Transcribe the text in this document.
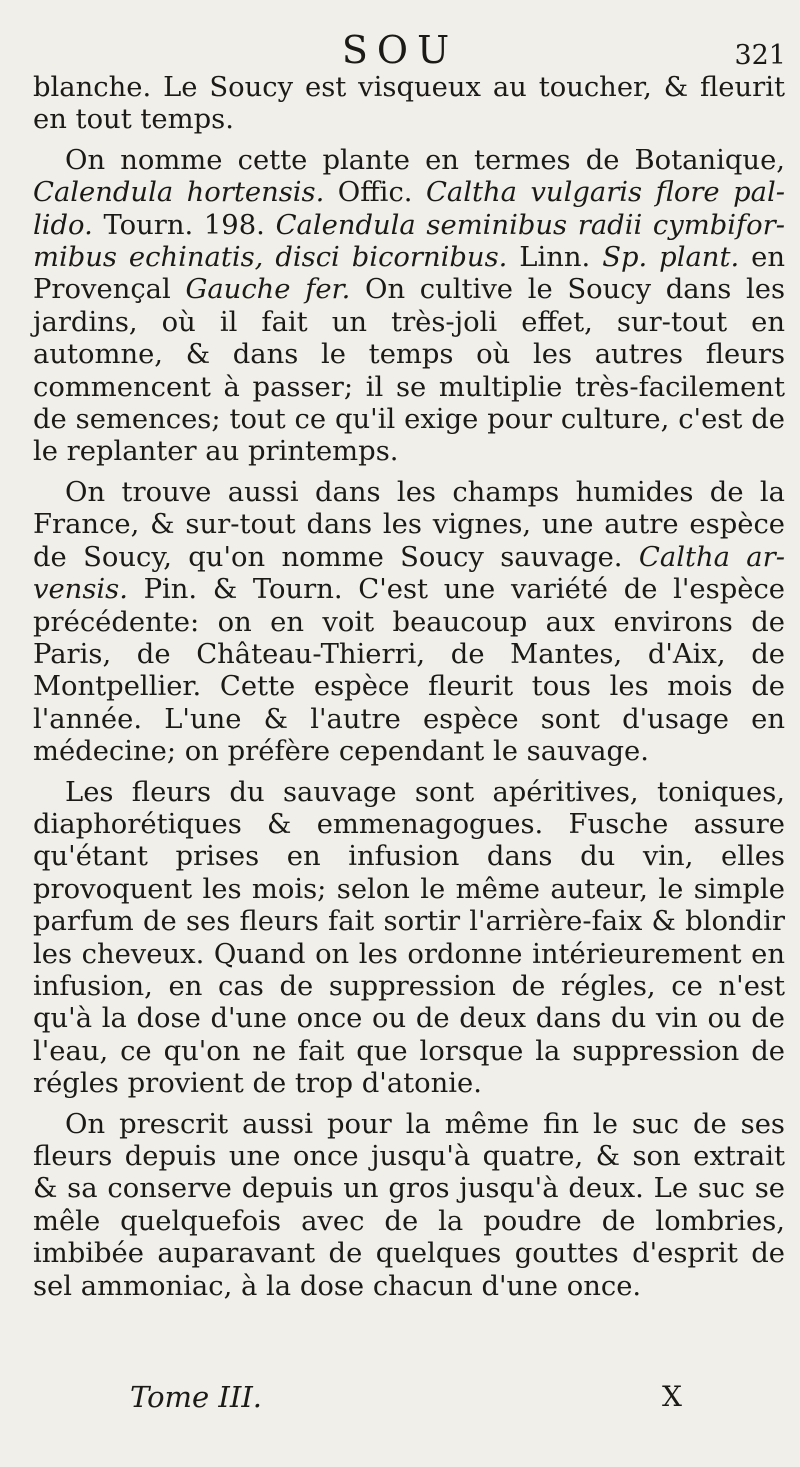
SOU	321

blanche. Le Soucy est visqueux au toucher, & fleurit en tout temps.

On nomme cette plante en termes de Botanique, Calendula hortensis. Offic. Caltha vulgaris flore pallido. Tourn. 198. Calendula seminibus radii cymbiformibus echinatis, disci bicornibus. Linn. Sp. plant. en Provençal Gauche fer. On cultive le Soucy dans les jardins, où il fait un très-joli effet, sur-tout en automne, & dans le temps où les autres fleurs commencent à passer; il se multiplie très-facilement de semences; tout ce qu'il exige pour culture, c'est de le replanter au printemps.

On trouve aussi dans les champs humides de la France, & sur-tout dans les vignes, une autre espèce de Soucy, qu'on nomme Soucy sauvage. Caltha arvensis. Pin. & Tourn. C'est une variété de l'espèce précédente: on en voit beaucoup aux environs de Paris, de Château-Thierri, de Mantes, d'Aix, de Montpellier. Cette espèce fleurit tous les mois de l'année. L'une & l'autre espèce sont d'usage en médecine; on préfère cependant le sauvage.

Les fleurs du sauvage sont apéritives, toniques, diaphorétiques & emmenagogues. Fusche assure qu'étant prises en infusion dans du vin, elles provoquent les mois; selon le même auteur, le simple parfum de ses fleurs fait sortir l'arrière-faix & blondir les cheveux. Quand on les ordonne intérieurement en infusion, en cas de suppression de régles, ce n'est qu'à la dose d'une once ou de deux dans du vin ou de l'eau, ce qu'on ne fait que lorsque la suppression de régles provient de trop d'atonie.

On prescrit aussi pour la même fin le suc de ses fleurs depuis une once jusqu'à quatre, & son extrait & sa conserve depuis un gros jusqu'à deux. Le suc se mêle quelquefois avec de la poudre de lombries, imbibée auparavant de quelques gouttes d'esprit de sel ammoniac, à la dose chacun d'une once.

Tome III.	X
